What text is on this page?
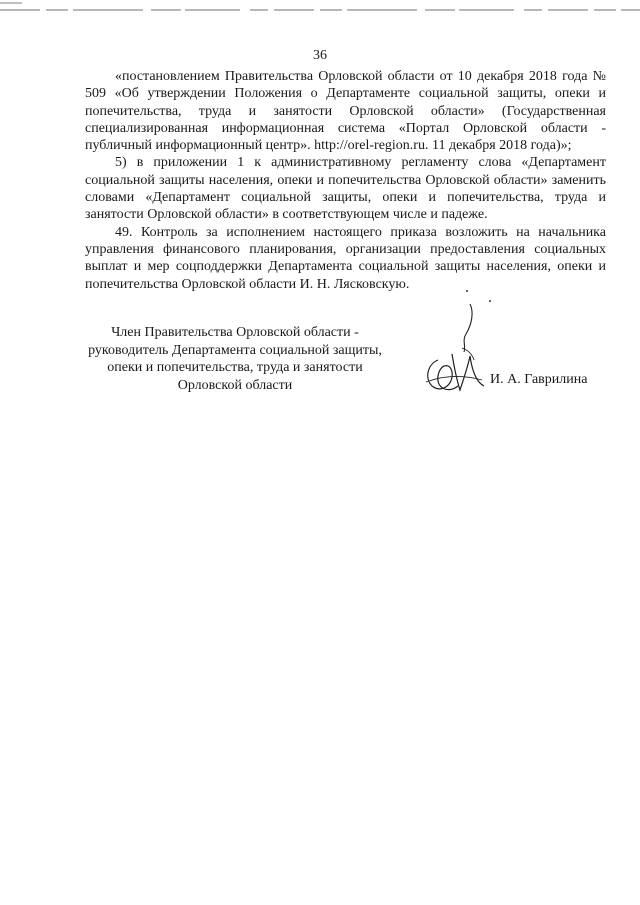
36

«постановлением Правительства Орловской области от 10 декабря 2018 года № 509 «Об утверждении Положения о Департаменте социальной защиты, опеки и попечительства, труда и занятости Орловской области» (Государственная специализированная информационная система «Портал Орловской области - публичный информационный центр». http://orel-region.ru. 11 декабря 2018 года)»;

5) в приложении 1 к административному регламенту слова «Департамент социальной защиты населения, опеки и попечительства Орловской области» заменить словами «Департамент социальной защиты, опеки и попечительства, труда и занятости Орловской области» в соответствующем числе и падеже.

49. Контроль за исполнением настоящего приказа возложить на начальника управления финансового планирования, организации предоставления социальных выплат и мер соцподдержки Департамента социальной защиты населения, опеки и попечительства Орловской области И. Н. Лясковскую.

Член Правительства Орловской области -
руководитель Департамента социальной защиты,
опеки и попечительства, труда и занятости
Орловской области	И. А. Гаврилина
